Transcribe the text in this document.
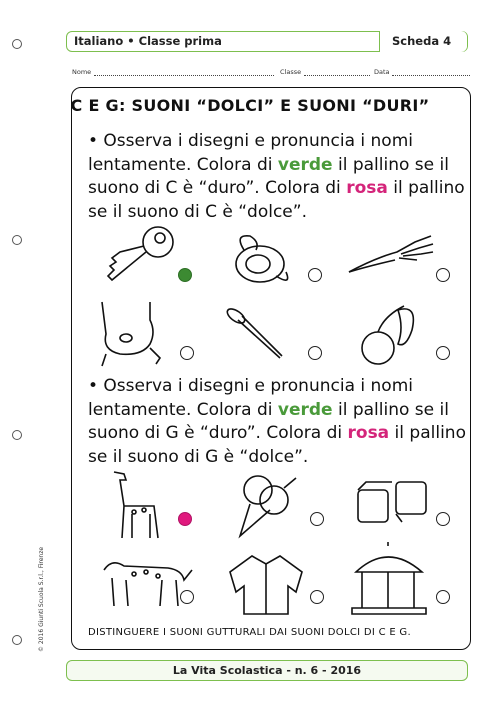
Italiano • Classe prima	Scheda 4
Nome	Classe	Data
C E G: SUONI “DOLCI” E SUONI “DURI”
• Osserva i disegni e pronuncia i nomi lentamente. Colora di verde il pallino se il suono di C è “duro”. Colora di rosa il pallino se il suono di C è “dolce”.
• Osserva i disegni e pronuncia i nomi lentamente. Colora di verde il pallino se il suono di G è “duro”. Colora di rosa il pallino se il suono di G è “dolce”.
DISTINGUERE I SUONI GUTTURALI DAI SUONI DOLCI DI C E G.
© 2016 Giunti Scuola S.r.l., Firenze
La Vita Scolastica - n. 6 - 2016
